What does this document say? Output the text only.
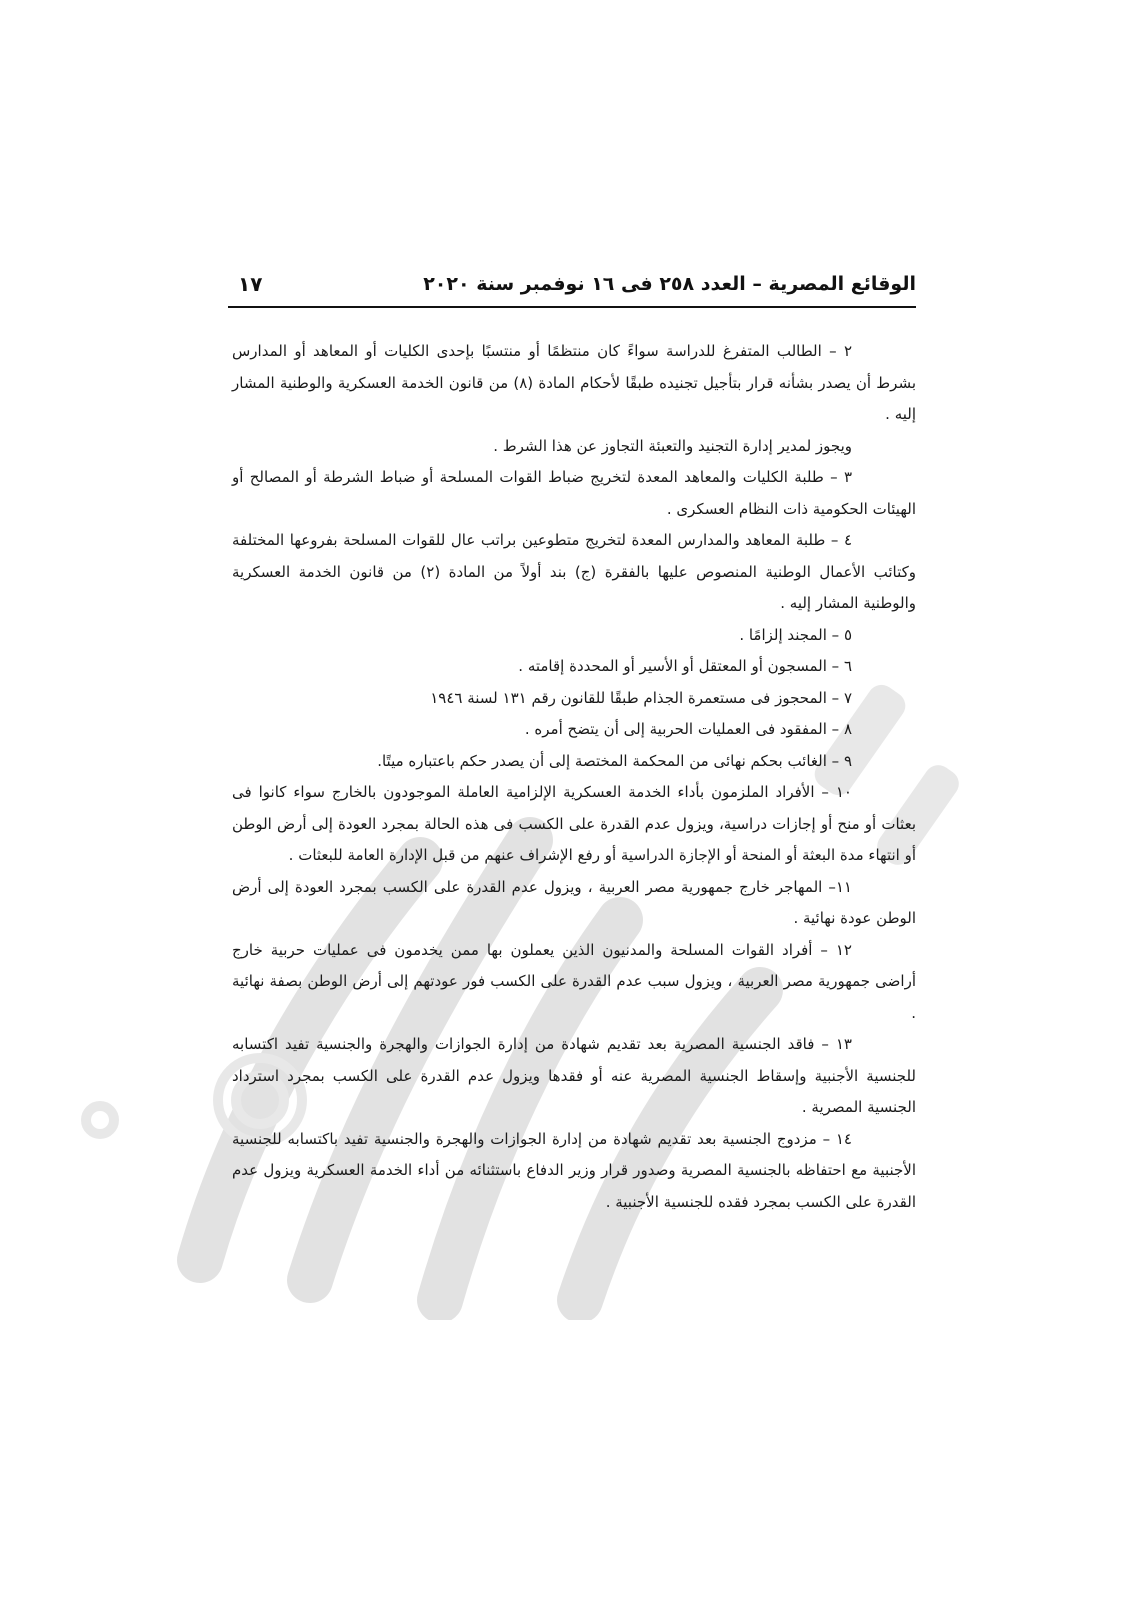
الوقائع المصرية – العدد ٢٥٨ فى ١٦ نوفمبر سنة ٢٠٢٠
١٧

٢ – الطالب المتفرغ للدراسة سواءً كان منتظمًا أو منتسبًا بإحدى الكليات أو المعاهد أو المدارس بشرط أن يصدر بشأنه قرار بتأجيل تجنيده طبقًا لأحكام المادة (٨) من قانون الخدمة العسكرية والوطنية المشار إليه .

ويجوز لمدير إدارة التجنيد والتعبئة التجاوز عن هذا الشرط .

٣ – طلبة الكليات والمعاهد المعدة لتخريج ضباط القوات المسلحة أو ضباط الشرطة أو المصالح أو الهيئات الحكومية ذات النظام العسكرى .

٤ – طلبة المعاهد والمدارس المعدة لتخريج متطوعين براتب عال للقوات المسلحة بفروعها المختلفة وكتائب الأعمال الوطنية المنصوص عليها بالفقرة (ج) بند أولاً من المادة (٢) من قانون الخدمة العسكرية والوطنية المشار إليه .

٥ – المجند إلزامًا .

٦ – المسجون أو المعتقل أو الأسير أو المحددة إقامته .

٧ – المحجوز فى مستعمرة الجذام طبقًا للقانون رقم ١٣١ لسنة ١٩٤٦

٨ – المفقود فى العمليات الحربية إلى أن يتضح أمره .

٩ – الغائب بحكم نهائى من المحكمة المختصة إلى أن يصدر حكم باعتباره ميتًا.

١٠ – الأفراد الملزمون بأداء الخدمة العسكرية الإلزامية العاملة الموجودون بالخارج سواء كانوا فى بعثات أو منح أو إجازات دراسية، ويزول عدم القدرة على الكسب فى هذه الحالة بمجرد العودة إلى أرض الوطن أو انتهاء مدة البعثة أو المنحة أو الإجازة الدراسية أو رفع الإشراف عنهم من قبل الإدارة العامة للبعثات .

١١– المهاجر خارج جمهورية مصر العربية ، ويزول عدم القدرة على الكسب بمجرد العودة إلى أرض الوطن عودة نهائية .

١٢ – أفراد القوات المسلحة والمدنيون الذين يعملون بها ممن يخدمون فى عمليات حربية خارج أراضى جمهورية مصر العربية ، ويزول سبب عدم القدرة على الكسب فور عودتهم إلى أرض الوطن بصفة نهائية .

١٣ – فاقد الجنسية المصرية بعد تقديم شهادة من إدارة الجوازات والهجرة والجنسية تفيد اكتسابه للجنسية الأجنبية وإسقاط الجنسية المصرية عنه أو فقدها ويزول عدم القدرة على الكسب بمجرد استرداد الجنسية المصرية .

١٤ – مزدوج الجنسية بعد تقديم شهادة من إدارة الجوازات والهجرة والجنسية تفيد باكتسابه للجنسية الأجنبية مع احتفاظه بالجنسية المصرية وصدور قرار وزير الدفاع باستثنائه من أداء الخدمة العسكرية ويزول عدم القدرة على الكسب بمجرد فقده للجنسية الأجنبية .
